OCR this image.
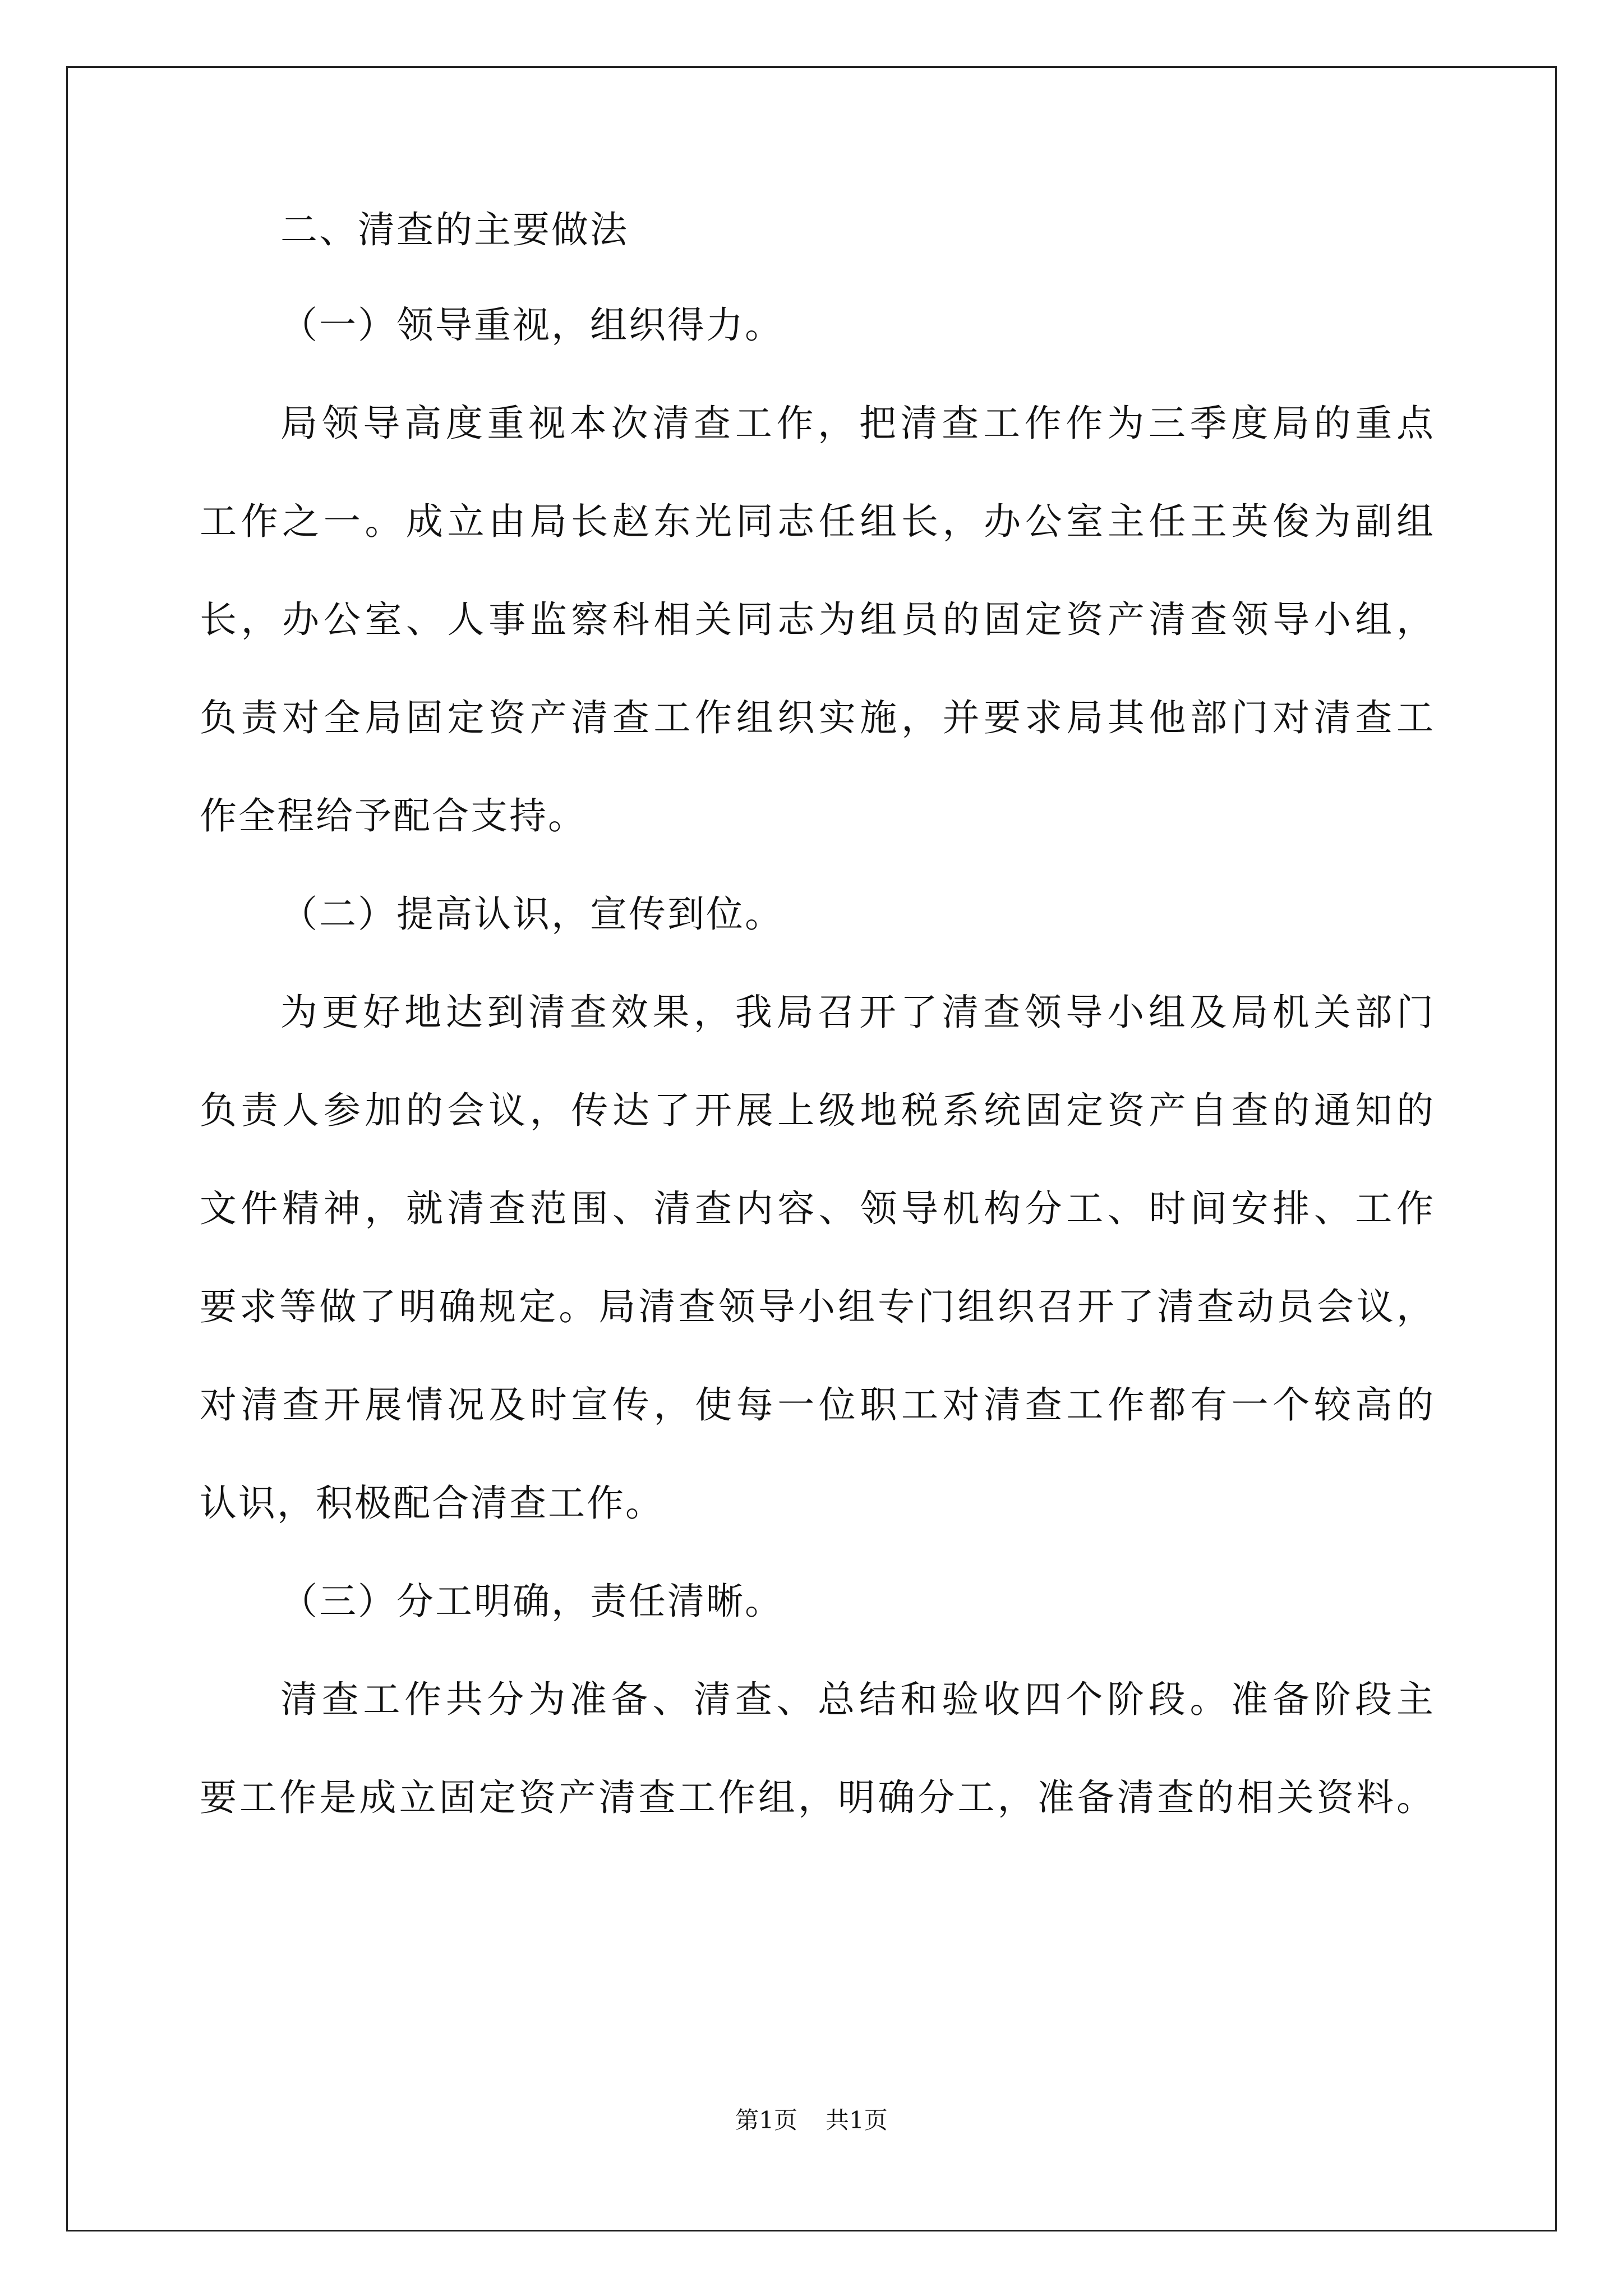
二、清查的主要做法
（一）领导重视，组织得力。
局领导高度重视本次清查工作，把清查工作作为三季度局的重点
工作之一。成立由局长赵东光同志任组长，办公室主任王英俊为副组
长，办公室、人事监察科相关同志为组员的固定资产清查领导小组，
负责对全局固定资产清查工作组织实施，并要求局其他部门对清查工
作全程给予配合支持。
（二）提高认识，宣传到位。
为更好地达到清查效果，我局召开了清查领导小组及局机关部门
负责人参加的会议，传达了开展上级地税系统固定资产自查的通知的
文件精神，就清查范围、清查内容、领导机构分工、时间安排、工作
要求等做了明确规定。局清查领导小组专门组织召开了清查动员会议，
对清查开展情况及时宣传，使每一位职工对清查工作都有一个较高的
认识，积极配合清查工作。
（三）分工明确，责任清晰。
清查工作共分为准备、清查、总结和验收四个阶段。准备阶段主
要工作是成立固定资产清查工作组，明确分工，准备清查的相关资料。
第1页 共1页
